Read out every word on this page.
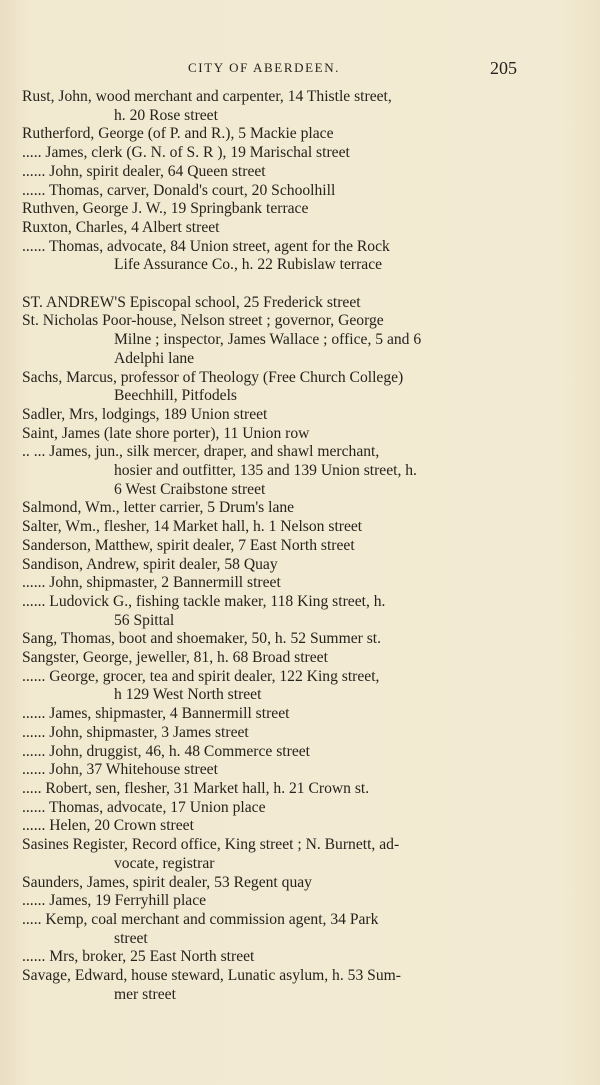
CITY OF ABERDEEN.	205
Rust, John, wood merchant and carpenter, 14 Thistle street,
h. 20 Rose street
Rutherford, George (of P. and R.), 5 Mackie place
..... James, clerk (G. N. of S. R ), 19 Marischal street
...... John, spirit dealer, 64 Queen street
...... Thomas, carver, Donald's court, 20 Schoolhill
Ruthven, George J. W., 19 Springbank terrace
Ruxton, Charles, 4 Albert street
...... Thomas, advocate, 84 Union street, agent for the Rock
Life Assurance Co., h. 22 Rubislaw terrace
ST. ANDREW'S Episcopal school, 25 Frederick street
St. Nicholas Poor-house, Nelson street ; governor, George
Milne ; inspector, James Wallace ; office, 5 and 6
Adelphi lane
Sachs, Marcus, professor of Theology (Free Church College)
Beechhill, Pitfodels
Sadler, Mrs, lodgings, 189 Union street
Saint, James (late shore porter), 11 Union row
.. ... James, jun., silk mercer, draper, and shawl merchant,
hosier and outfitter, 135 and 139 Union street, h.
6 West Craibstone street
Salmond, Wm., letter carrier, 5 Drum's lane
Salter, Wm., flesher, 14 Market hall, h. 1 Nelson street
Sanderson, Matthew, spirit dealer, 7 East North street
Sandison, Andrew, spirit dealer, 58 Quay
...... John, shipmaster, 2 Bannermill street
...... Ludovick G., fishing tackle maker, 118 King street, h.
56 Spittal
Sang, Thomas, boot and shoemaker, 50, h. 52 Summer st.
Sangster, George, jeweller, 81, h. 68 Broad street
...... George, grocer, tea and spirit dealer, 122 King street,
h 129 West North street
...... James, shipmaster, 4 Bannermill street
...... John, shipmaster, 3 James street
...... John, druggist, 46, h. 48 Commerce street
...... John, 37 Whitehouse street
..... Robert, sen, flesher, 31 Market hall, h. 21 Crown st.
...... Thomas, advocate, 17 Union place
...... Helen, 20 Crown street
Sasines Register, Record office, King street ; N. Burnett, ad-
vocate, registrar
Saunders, James, spirit dealer, 53 Regent quay
...... James, 19 Ferryhill place
..... Kemp, coal merchant and commission agent, 34 Park
street
...... Mrs, broker, 25 East North street
Savage, Edward, house steward, Lunatic asylum, h. 53 Sum-
mer street
